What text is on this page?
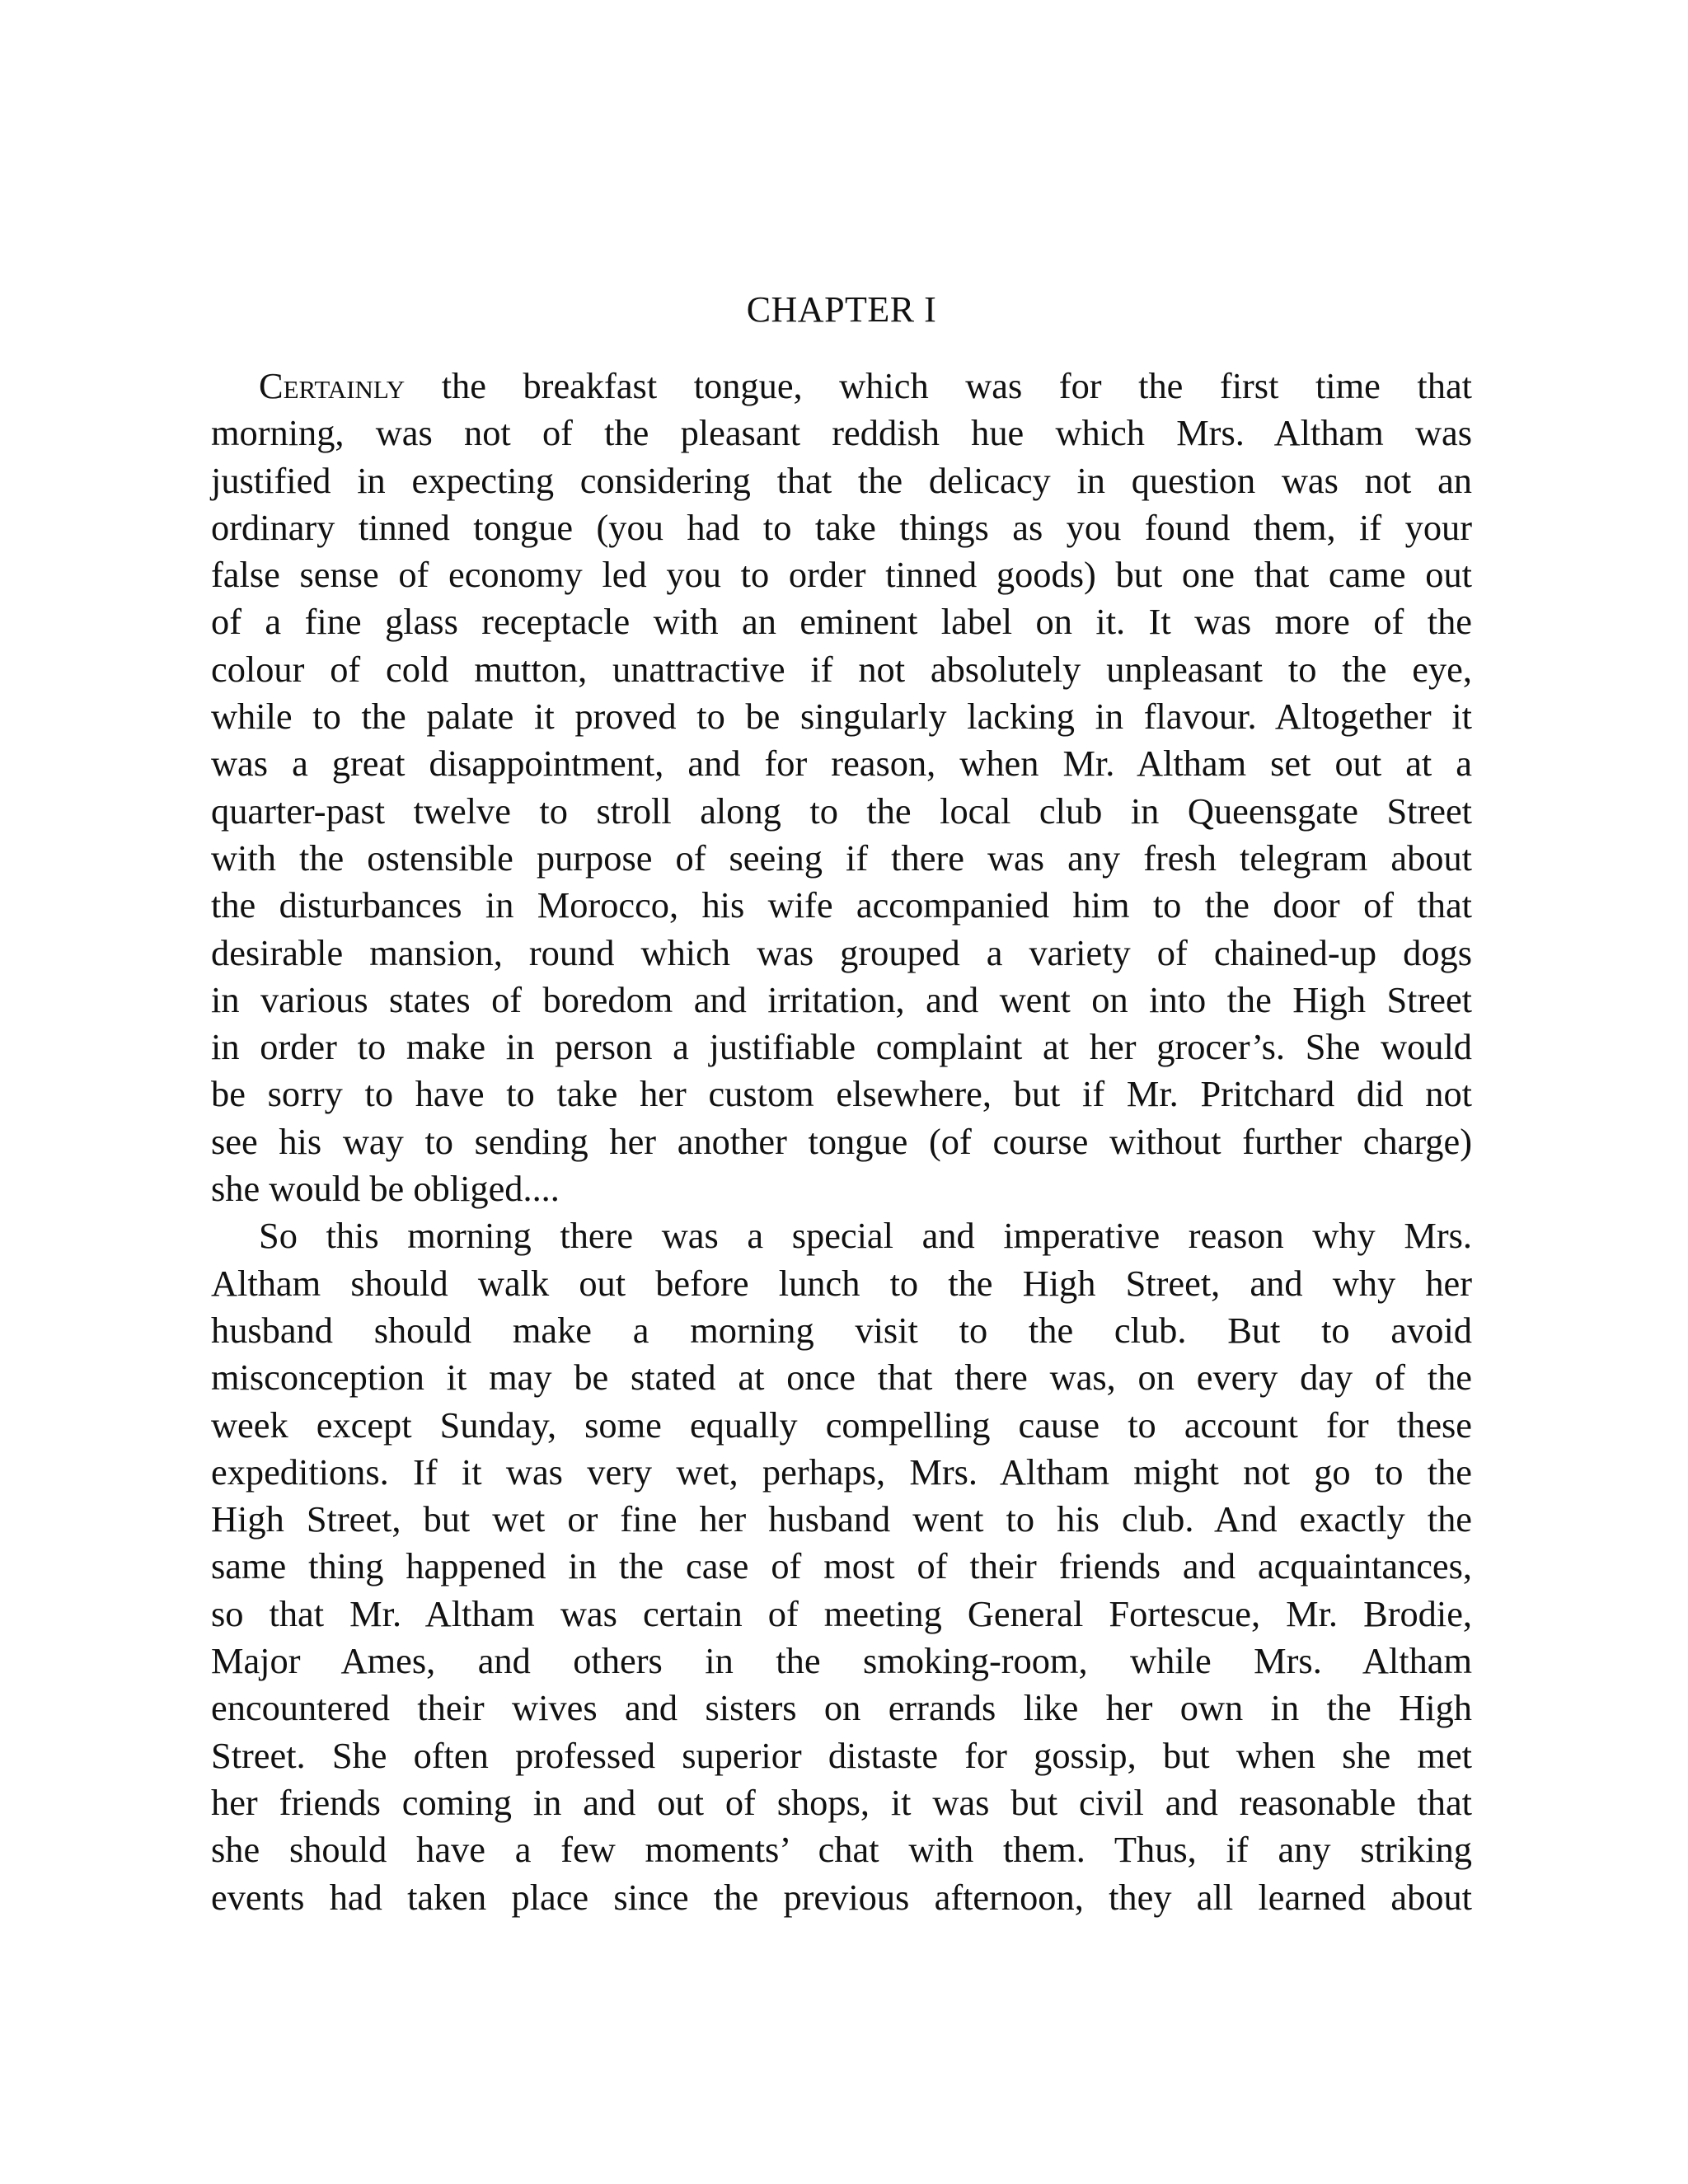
CHAPTER I
Certainly the breakfast tongue, which was for the first time that
morning, was not of the pleasant reddish hue which Mrs. Altham was
justified in expecting considering that the delicacy in question was not an
ordinary tinned tongue (you had to take things as you found them, if your
false sense of economy led you to order tinned goods) but one that came out
of a fine glass receptacle with an eminent label on it. It was more of the
colour of cold mutton, unattractive if not absolutely unpleasant to the eye,
while to the palate it proved to be singularly lacking in flavour. Altogether it
was a great disappointment, and for reason, when Mr. Altham set out at a
quarter-past twelve to stroll along to the local club in Queensgate Street
with the ostensible purpose of seeing if there was any fresh telegram about
the disturbances in Morocco, his wife accompanied him to the door of that
desirable mansion, round which was grouped a variety of chained-up dogs
in various states of boredom and irritation, and went on into the High Street
in order to make in person a justifiable complaint at her grocer’s. She would
be sorry to have to take her custom elsewhere, but if Mr. Pritchard did not
see his way to sending her another tongue (of course without further charge)
she would be obliged....
So this morning there was a special and imperative reason why Mrs.
Altham should walk out before lunch to the High Street, and why her
husband should make a morning visit to the club. But to avoid
misconception it may be stated at once that there was, on every day of the
week except Sunday, some equally compelling cause to account for these
expeditions. If it was very wet, perhaps, Mrs. Altham might not go to the
High Street, but wet or fine her husband went to his club. And exactly the
same thing happened in the case of most of their friends and acquaintances,
so that Mr. Altham was certain of meeting General Fortescue, Mr. Brodie,
Major Ames, and others in the smoking-room, while Mrs. Altham
encountered their wives and sisters on errands like her own in the High
Street. She often professed superior distaste for gossip, but when she met
her friends coming in and out of shops, it was but civil and reasonable that
she should have a few moments’ chat with them. Thus, if any striking
events had taken place since the previous afternoon, they all learned about
